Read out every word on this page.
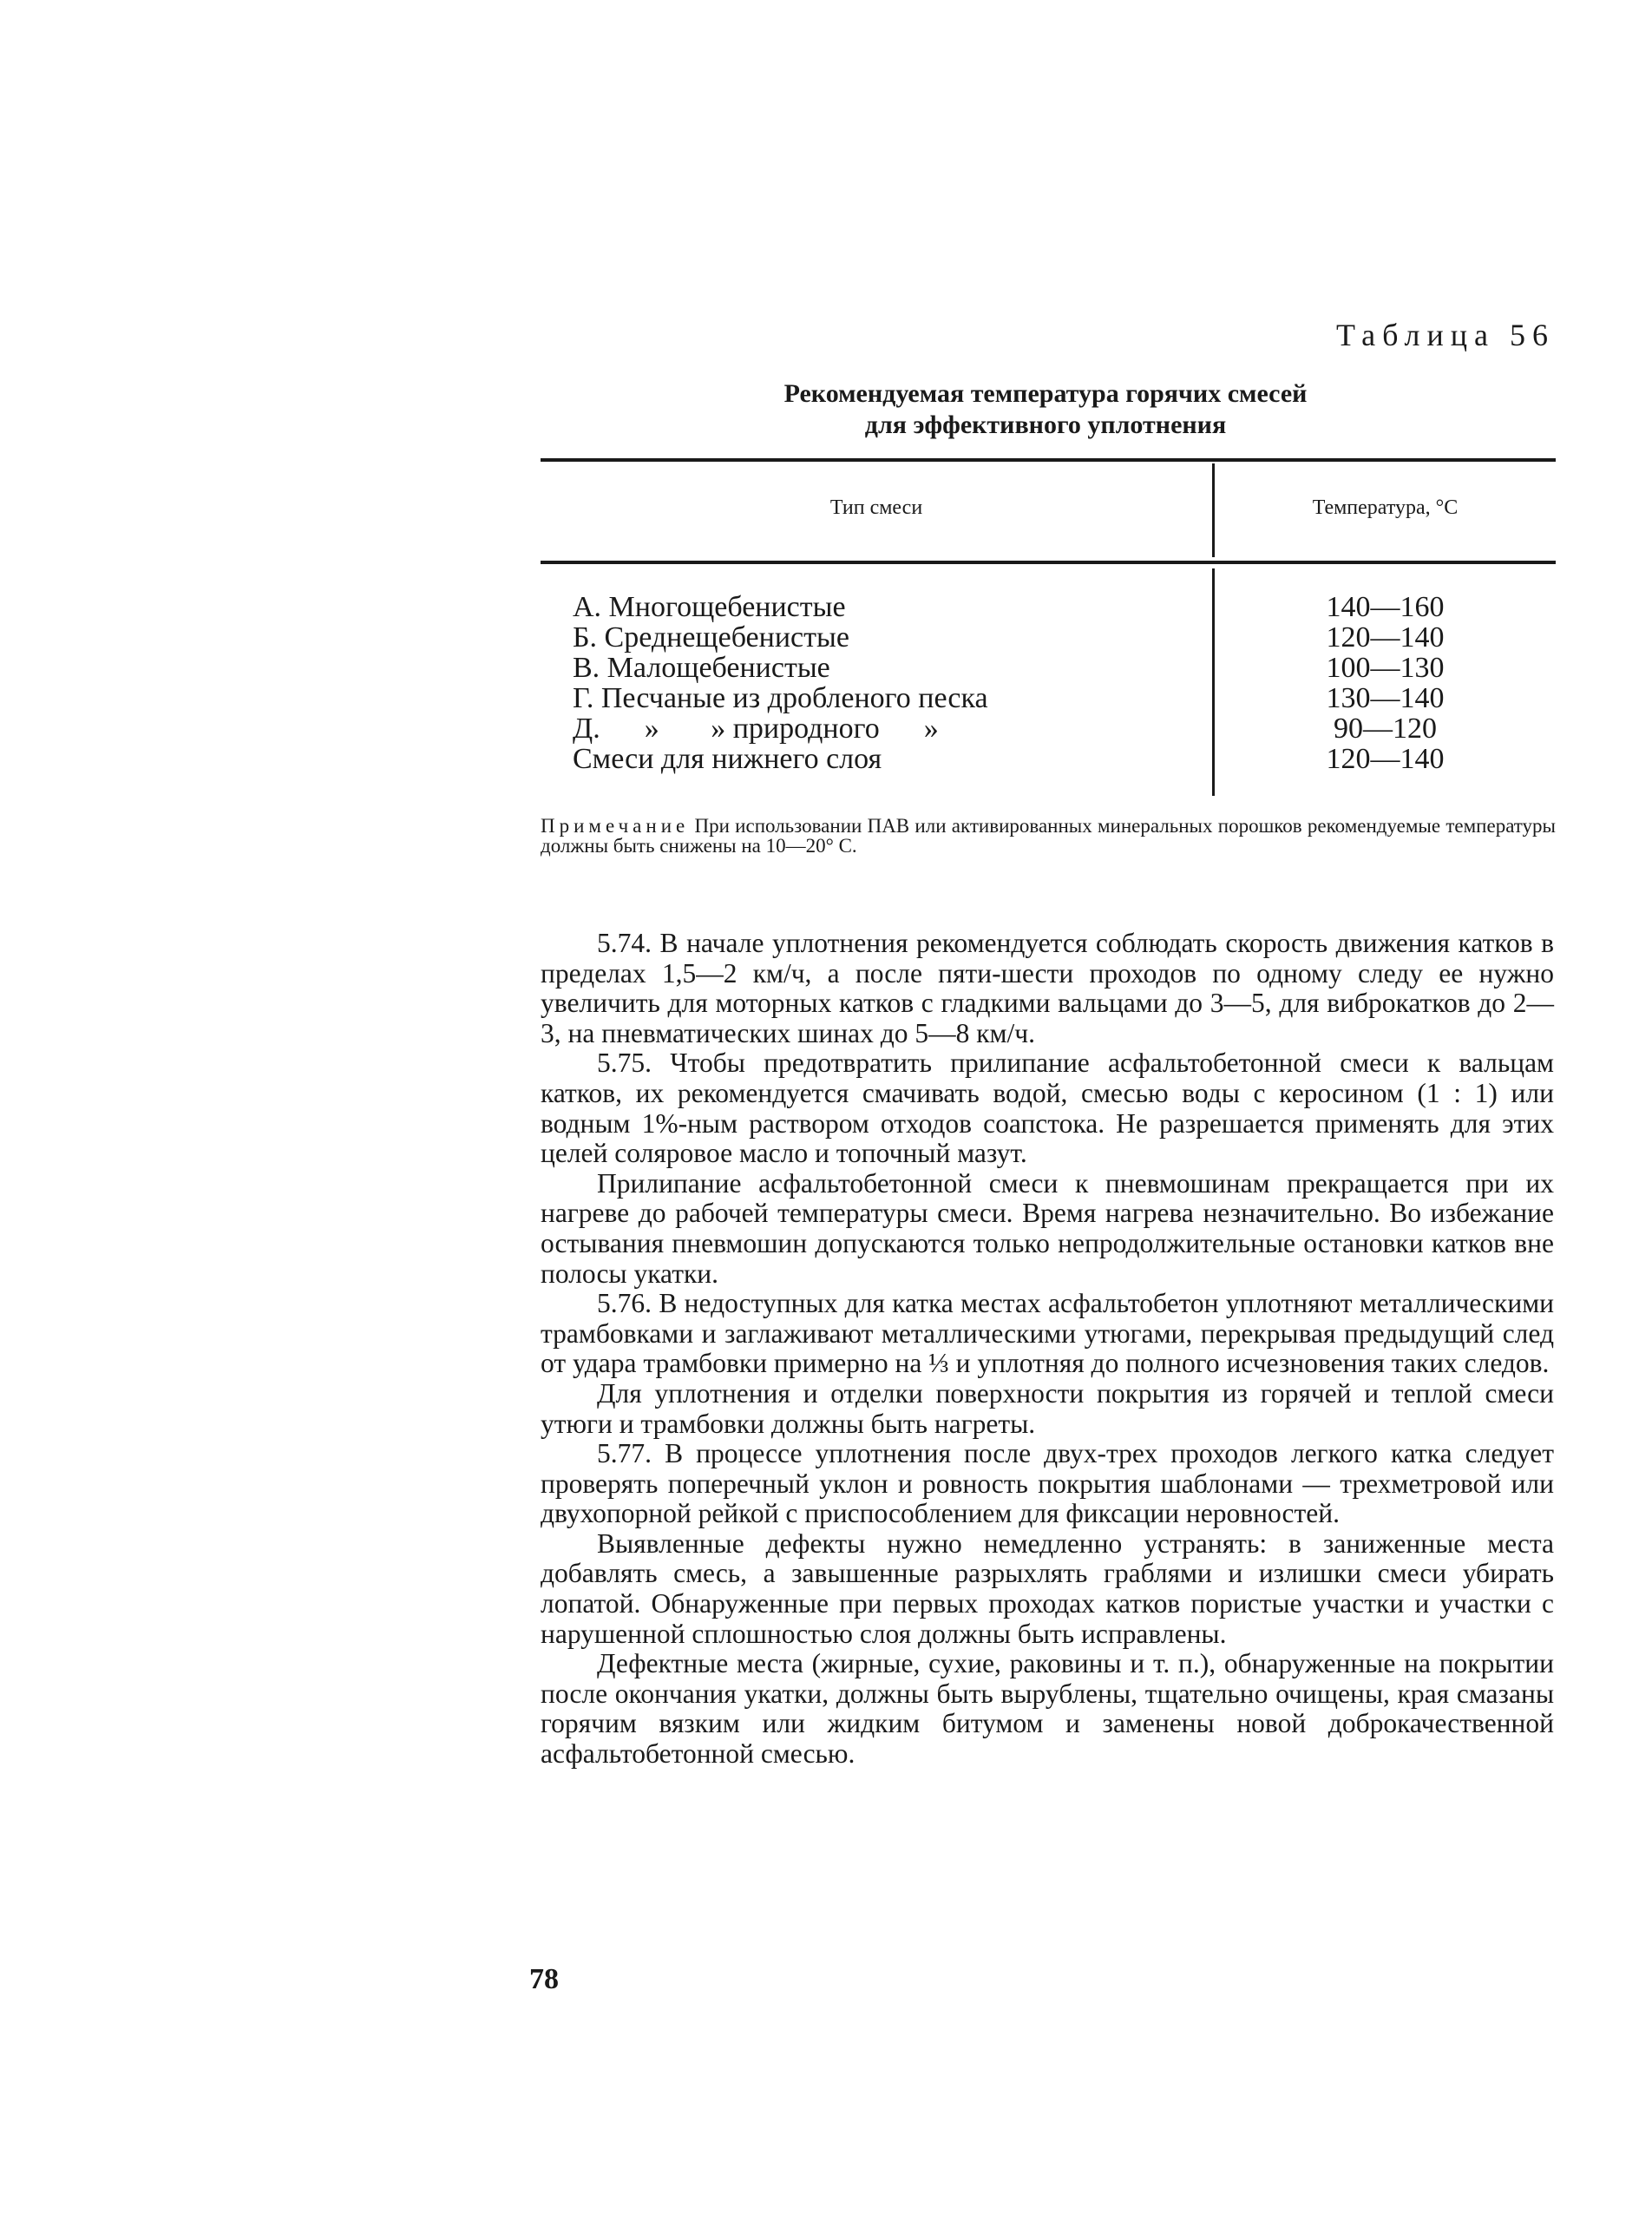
Таблица 56

Рекомендуемая температура горячих смесей
для эффективного уплотнения

Тип смеси	Температура, °С

А. Многощебенистые
Б. Среднещебенистые
В. Малощебенистые
Г. Песчаные из дробленого песка
Д.      »       » природного      »
Смеси для нижнего слоя
140—160
120—140
100—130
130—140
90—120
120—140

Примечание При использовании ПАВ или активированных минеральных порошков рекомендуемые температуры должны быть снижены на 10—20° С.

5.74. В начале уплотнения рекомендуется соблюдать скорость движения катков в пределах 1,5—2 км/ч, а после пяти-шести проходов по одному следу ее нужно увеличить для моторных катков с гладкими вальцами до 3—5, для виброкатков до 2—3, на пневматических шинах до 5—8 км/ч.

5.75. Чтобы предотвратить прилипание асфальтобетонной смеси к вальцам катков, их рекомендуется смачивать водой, смесью воды с керосином (1 : 1) или водным 1%-ным раствором отходов соапстока. Не разрешается применять для этих целей соляровое масло и топочный мазут.

Прилипание асфальтобетонной смеси к пневмошинам прекращается при их нагреве до рабочей температуры смеси. Время нагрева незначительно. Во избежание остывания пневмошин допускаются только непродолжительные остановки катков вне полосы укатки.

5.76. В недоступных для катка местах асфальтобетон уплотняют металлическими трамбовками и заглаживают металлическими утюгами, перекрывая предыдущий след от удара трамбовки примерно на ⅓ и уплотняя до полного исчезновения таких следов.

Для уплотнения и отделки поверхности покрытия из горячей и теплой смеси утюги и трамбовки должны быть нагреты.

5.77. В процессе уплотнения после двух-трех проходов легкого катка следует проверять поперечный уклон и ровность покрытия шаблонами — трехметровой или двухопорной рейкой с приспособлением для фиксации неровностей.

Выявленные дефекты нужно немедленно устранять: в заниженные места добавлять смесь, а завышенные разрыхлять граблями и излишки смеси убирать лопатой. Обнаруженные при первых проходах катков пористые участки и участки с нарушенной сплошностью слоя должны быть исправлены.

Дефектные места (жирные, сухие, раковины и т. п.), обнаруженные на покрытии после окончания укатки, должны быть вырублены, тщательно очищены, края смазаны горячим вязким или жидким битумом и заменены новой доброкачественной асфальтобетонной смесью.

78
